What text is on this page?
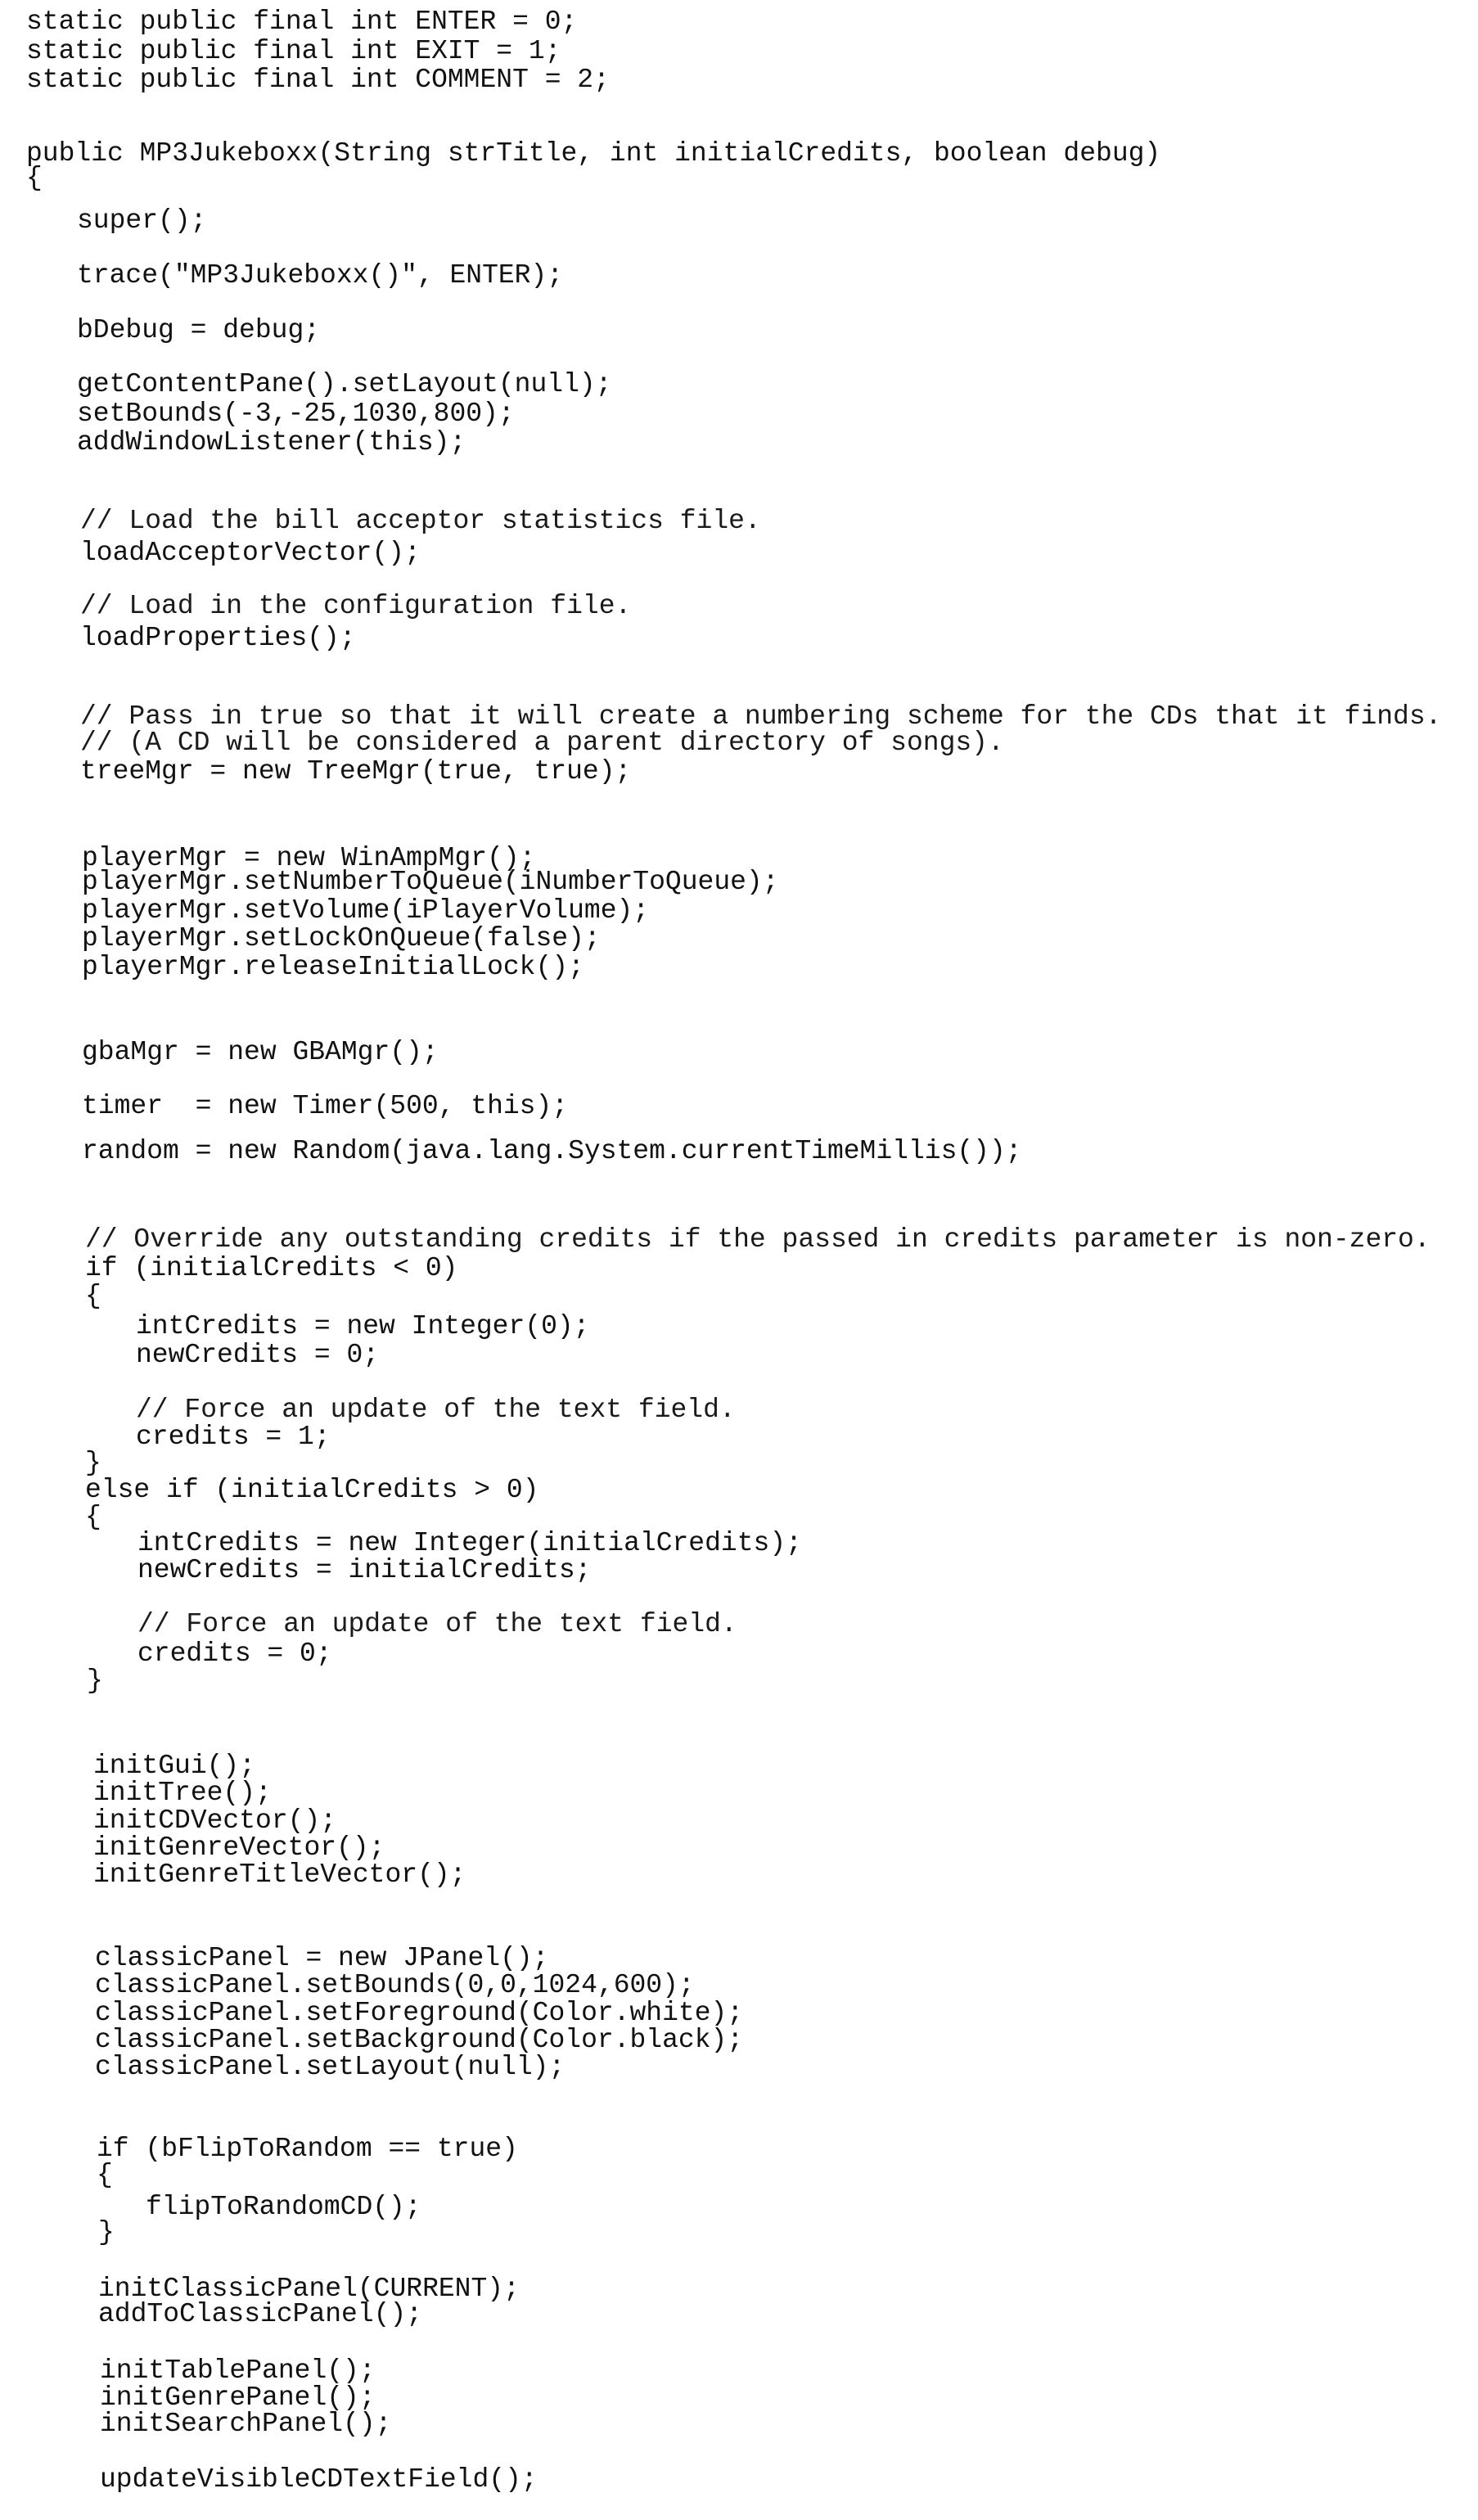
static public final int ENTER = 0;
static public final int EXIT = 1;
static public final int COMMENT = 2;
public MP3Jukeboxx(String strTitle, int initialCredits, boolean debug)
{
super();
trace("MP3Jukeboxx()", ENTER);
bDebug = debug;
getContentPane().setLayout(null);
setBounds(-3,-25,1030,800);
addWindowListener(this);
// Load the bill acceptor statistics file.
loadAcceptorVector();
// Load in the configuration file.
loadProperties();
// Pass in true so that it will create a numbering scheme for the CDs that it finds.
// (A CD will be considered a parent directory of songs).
treeMgr = new TreeMgr(true, true);
playerMgr = new WinAmpMgr();
playerMgr.setNumberToQueue(iNumberToQueue);
playerMgr.setVolume(iPlayerVolume);
playerMgr.setLockOnQueue(false);
playerMgr.releaseInitialLock();
gbaMgr = new GBAMgr();
timer  = new Timer(500, this);
random = new Random(java.lang.System.currentTimeMillis());
// Override any outstanding credits if the passed in credits parameter is non-zero.
if (initialCredits < 0)
{
intCredits = new Integer(0);
newCredits = 0;
// Force an update of the text field.
credits = 1;
}
else if (initialCredits > 0)
{
intCredits = new Integer(initialCredits);
newCredits = initialCredits;
// Force an update of the text field.
credits = 0;
}
initGui();
initTree();
initCDVector();
initGenreVector();
initGenreTitleVector();
classicPanel = new JPanel();
classicPanel.setBounds(0,0,1024,600);
classicPanel.setForeground(Color.white);
classicPanel.setBackground(Color.black);
classicPanel.setLayout(null);
if (bFlipToRandom == true)
{
flipToRandomCD();
}
initClassicPanel(CURRENT);
addToClassicPanel();
initTablePanel();
initGenrePanel();
initSearchPanel();
updateVisibleCDTextField();
